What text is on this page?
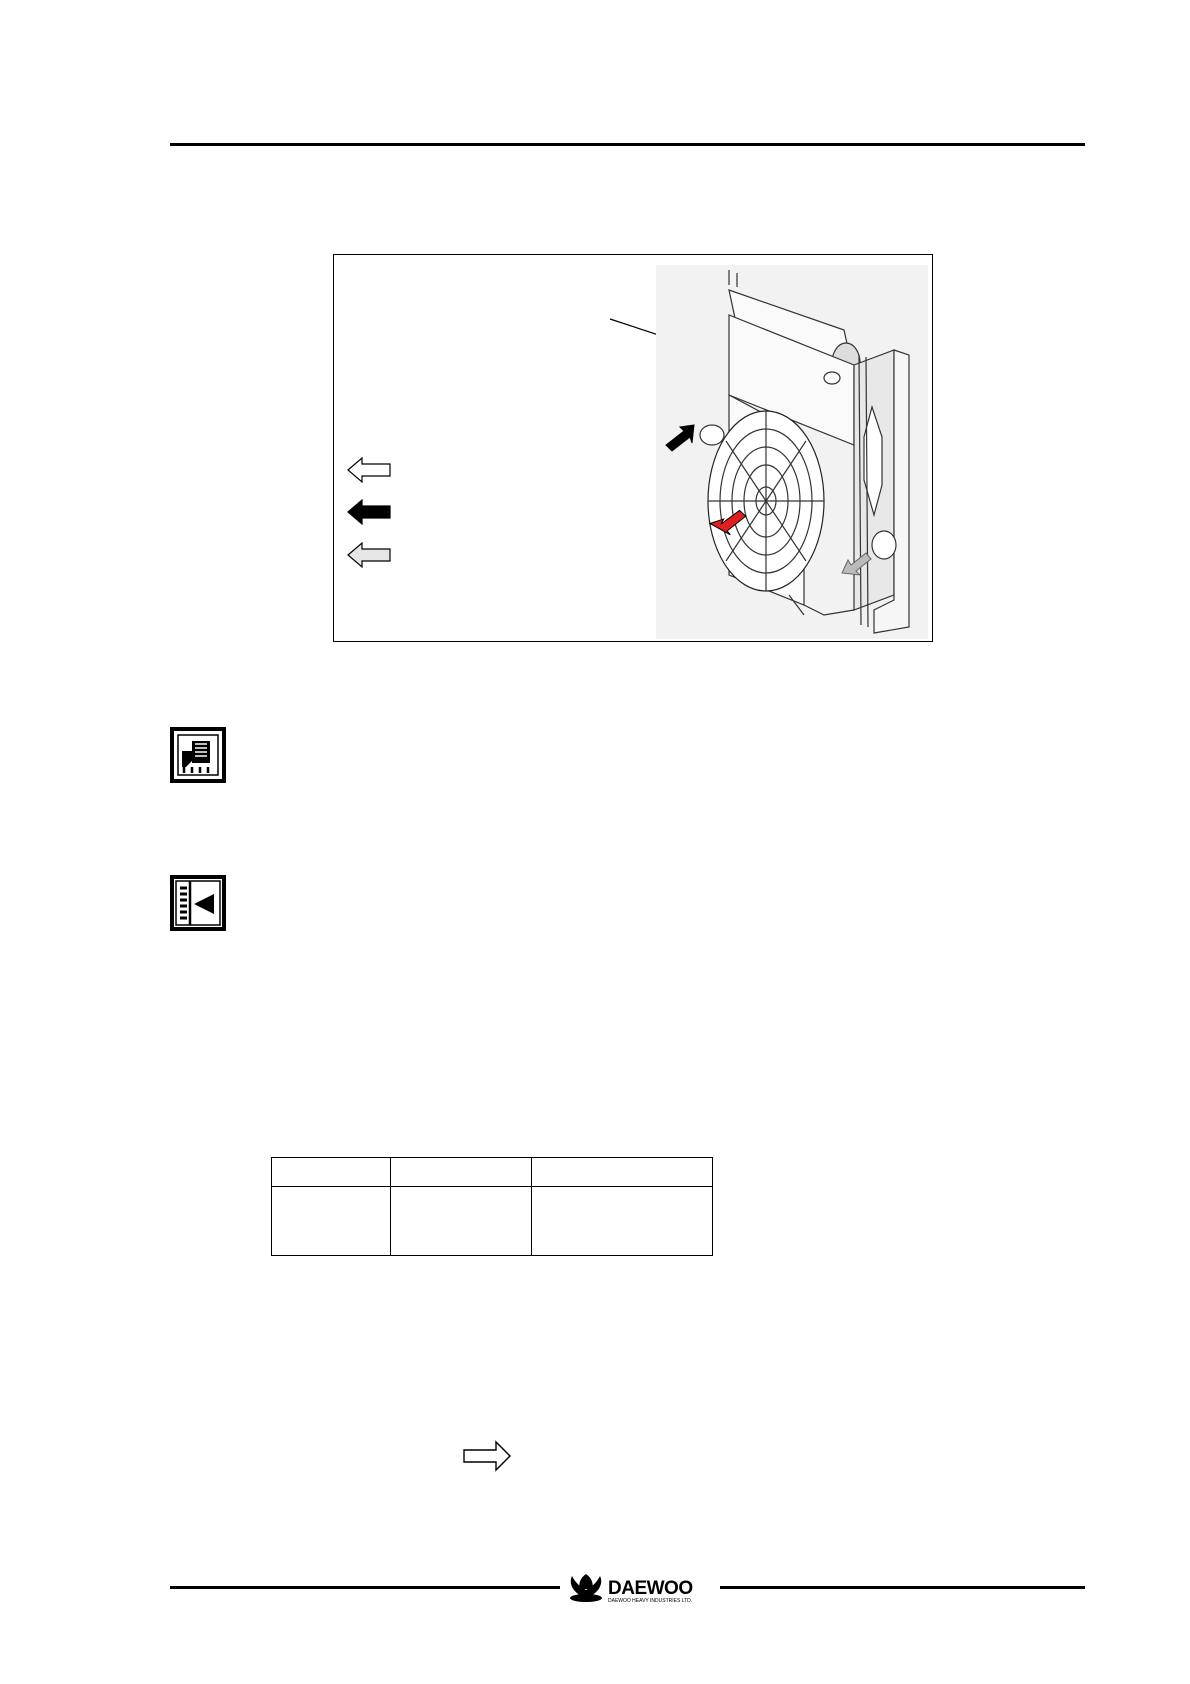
DAEWOO
DAEWOO HEAVY INDUSTRIES LTD.
